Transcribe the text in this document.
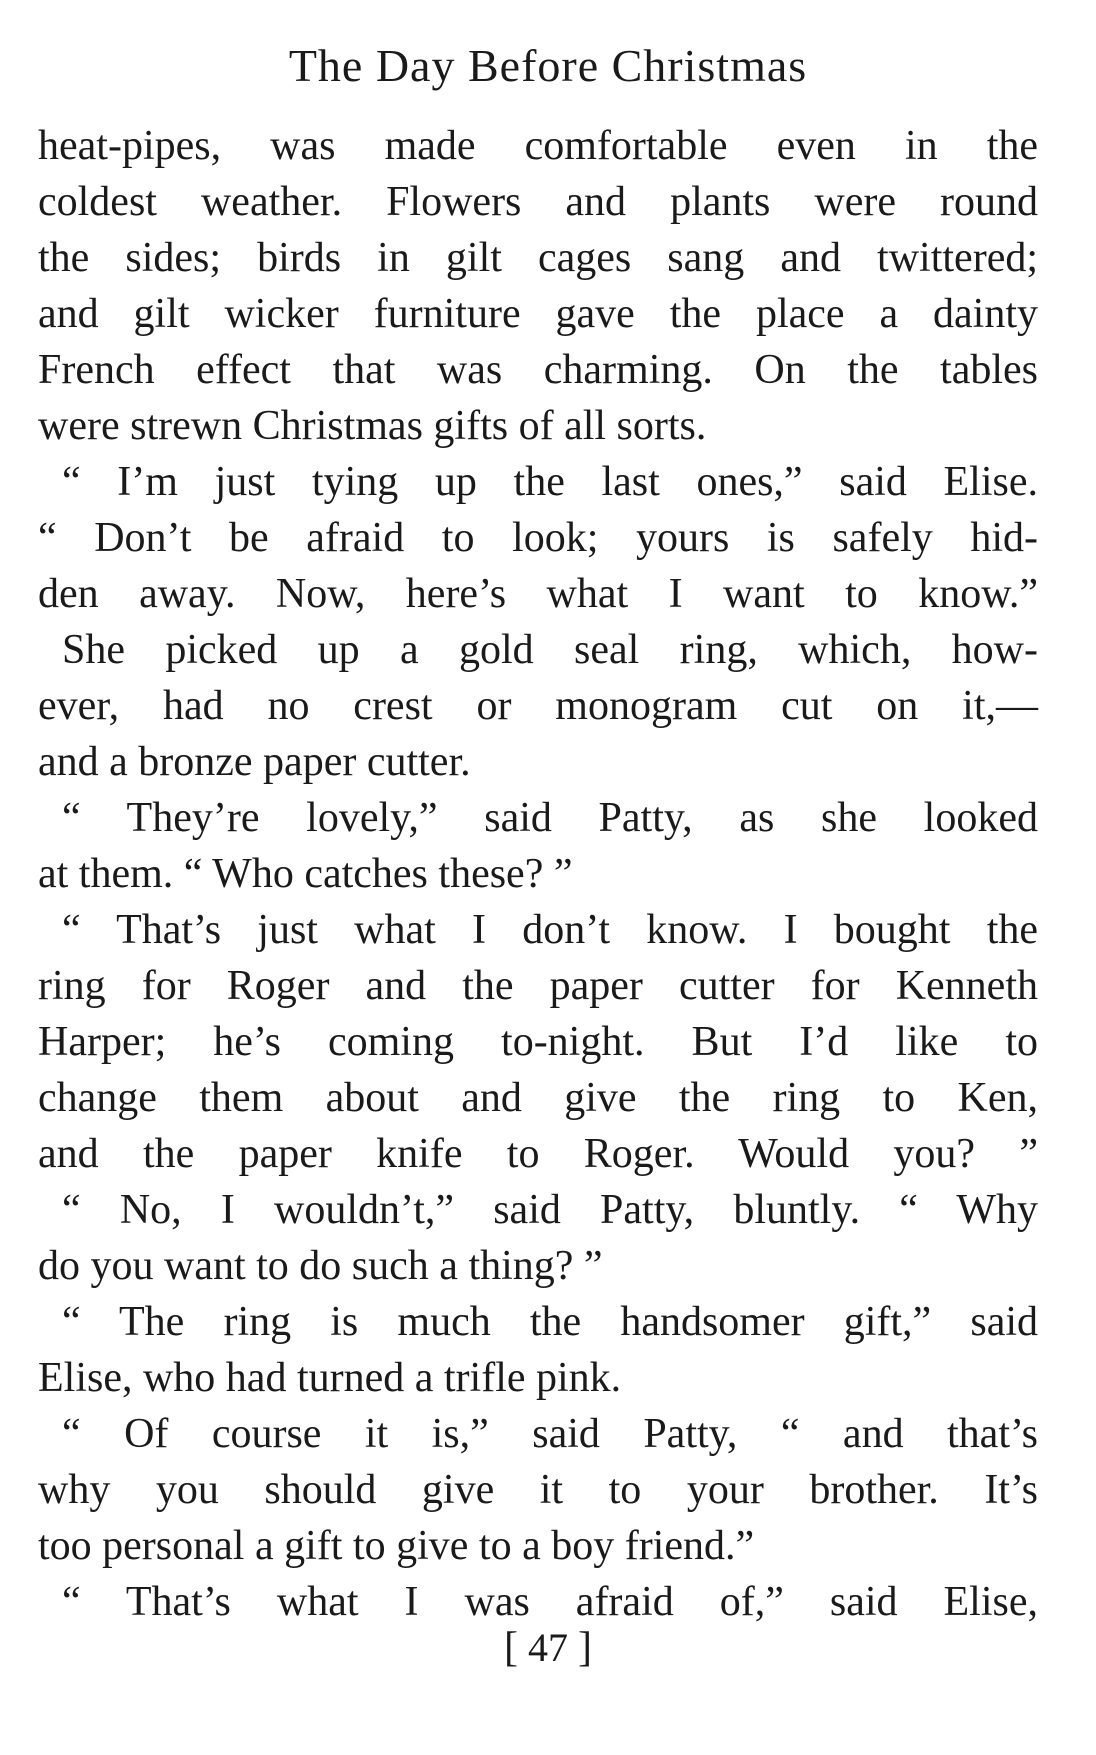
The Day Before Christmas
heat-pipes, was made comfortable even in the
coldest weather. Flowers and plants were round
the sides; birds in gilt cages sang and twittered;
and gilt wicker furniture gave the place a dainty
French effect that was charming. On the tables
were strewn Christmas gifts of all sorts.
“ I’m just tying up the last ones,” said Elise.
“ Don’t be afraid to look; yours is safely hid-
den away. Now, here’s what I want to know.”
She picked up a gold seal ring, which, how-
ever, had no crest or monogram cut on it,—
and a bronze paper cutter.
“ They’re lovely,” said Patty, as she looked
at them. “ Who catches these? ”
“ That’s just what I don’t know. I bought the
ring for Roger and the paper cutter for Kenneth
Harper; he’s coming to-night. But I’d like to
change them about and give the ring to Ken,
and the paper knife to Roger. Would you? ”
“ No, I wouldn’t,” said Patty, bluntly. “ Why
do you want to do such a thing? ”
“ The ring is much the handsomer gift,” said
Elise, who had turned a trifle pink.
“ Of course it is,” said Patty, “ and that’s
why you should give it to your brother. It’s
too personal a gift to give to a boy friend.”
“ That’s what I was afraid of,” said Elise,
[ 47 ]
